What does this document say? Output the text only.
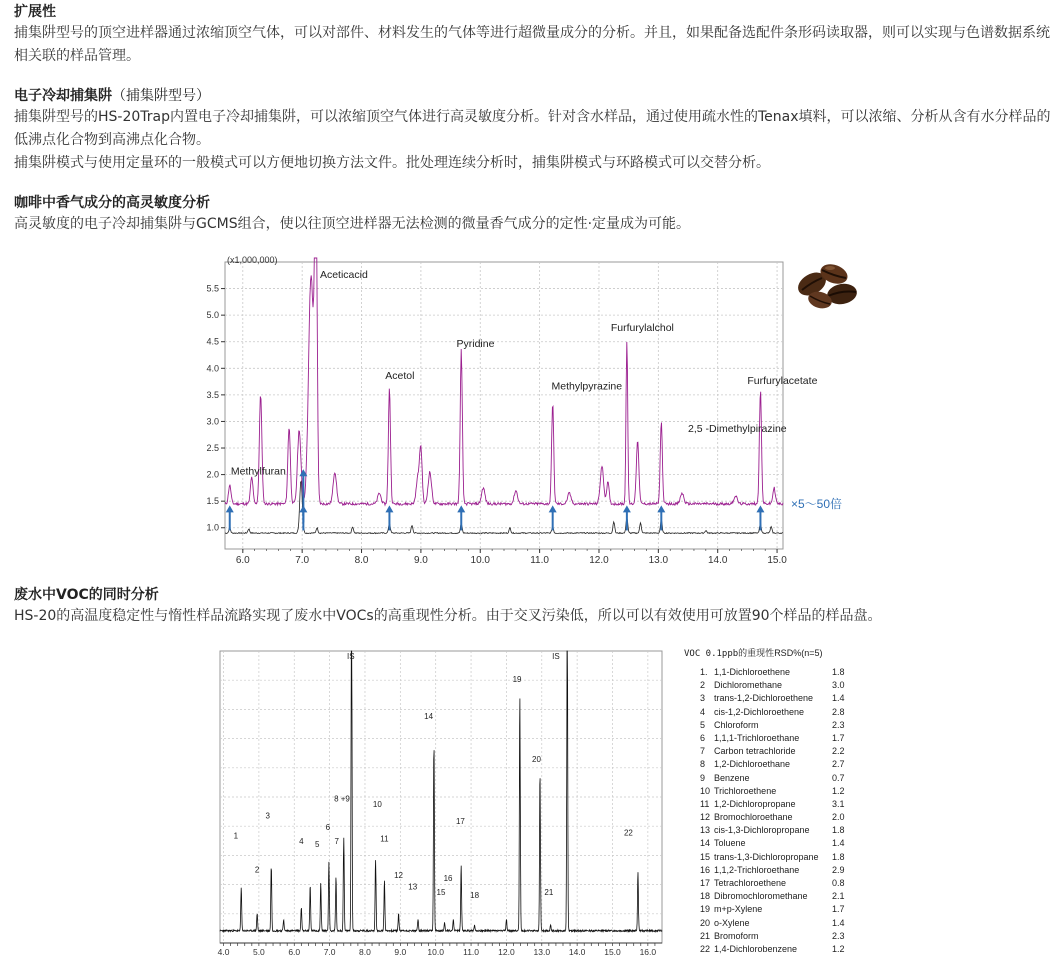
扩展性

捕集阱型号的顶空进样器通过浓缩顶空气体，可以对部件、材料发生的气体等进行超微量成分的分析。并且，如果配备选配件条形码读取器，则可以实现与色谱数据系统相关联的样品管理。

电子冷却捕集阱（捕集阱型号）

捕集阱型号的HS-20Trap内置电子冷却捕集阱，可以浓缩顶空气体进行高灵敏度分析。针对含水样品，通过使用疏水性的Tenax填料，可以浓缩、分析从含有水分样品的低沸点化合物到高沸点化合物。

捕集阱模式与使用定量环的一般模式可以方便地切换方法文件。批处理连续分析时，捕集阱模式与环路模式可以交替分析。

咖啡中香气成分的高灵敏度分析

高灵敏度的电子冷却捕集阱与GCMS组合，使以往顶空进样器无法检测的微量香气成分的定性·定量成为可能。

6.0	7.0	8.0	9.0	10.0	11.0	12.0	13.0	14.0	15.0
1.0
1.5
2.0
2.5
3.0
3.5
4.0
4.5
5.0
5.5
(x1,000,000)
Methylfuran
Aceticacid
Acetol
Pyridine
Methylpyrazine
2,5 -Dimethylpirazine
Furfurylalchol
Furfurylacetate
×5～50倍

废水中VOC的同时分析

HS-20的高温度稳定性与惰性样品流路实现了废水中VOCs的高重现性分析。由于交叉污染低，所以可以有效使用可放置90个样品的样品盘。

4.0	5.0	6.0	7.0	8.0	9.0 10.0 11.0 12.0 13.0 14.0 15.0 16.0
1
2
3
4 5
6
7
8 +9
10
11
12
13
14
15
16
17
18
19
20
21
22
IS	IS	VOC 0.1ppb的重现性RSD%(n=5)
1. 1,1-Dichloroethene	1.8
2 Dichloromethane	3.0
3 trans-1,2-Dichloroethene	1.4
4 cis-1,2-Dichloroethene	2.8
5 Chloroform	2.3
6 1,1,1-Trichloroethane	1.7
7 Carbon tetrachloride	2.2
8 1,2-Dichloroethane	2.7
9 Benzene	0.7
10 Trichloroethene	1.2
11 1,2-Dichloropropane	3.1
12 Bromochloroethane	2.0
13 cis-1,3-Dichloropropane	1.8
14 Toluene	1.4
15 trans-1,3-Dichloropropane	1.8
16 1,1,2-Trichloroethane	2.9
17 Tetrachloroethene	0.8
18 Dibromochloromethane	2.1
19 m+p-Xylene	1.7
20 o-Xylene	1.4
21 Bromoform	2.3
22 1,4-Dichlorobenzene	1.2
